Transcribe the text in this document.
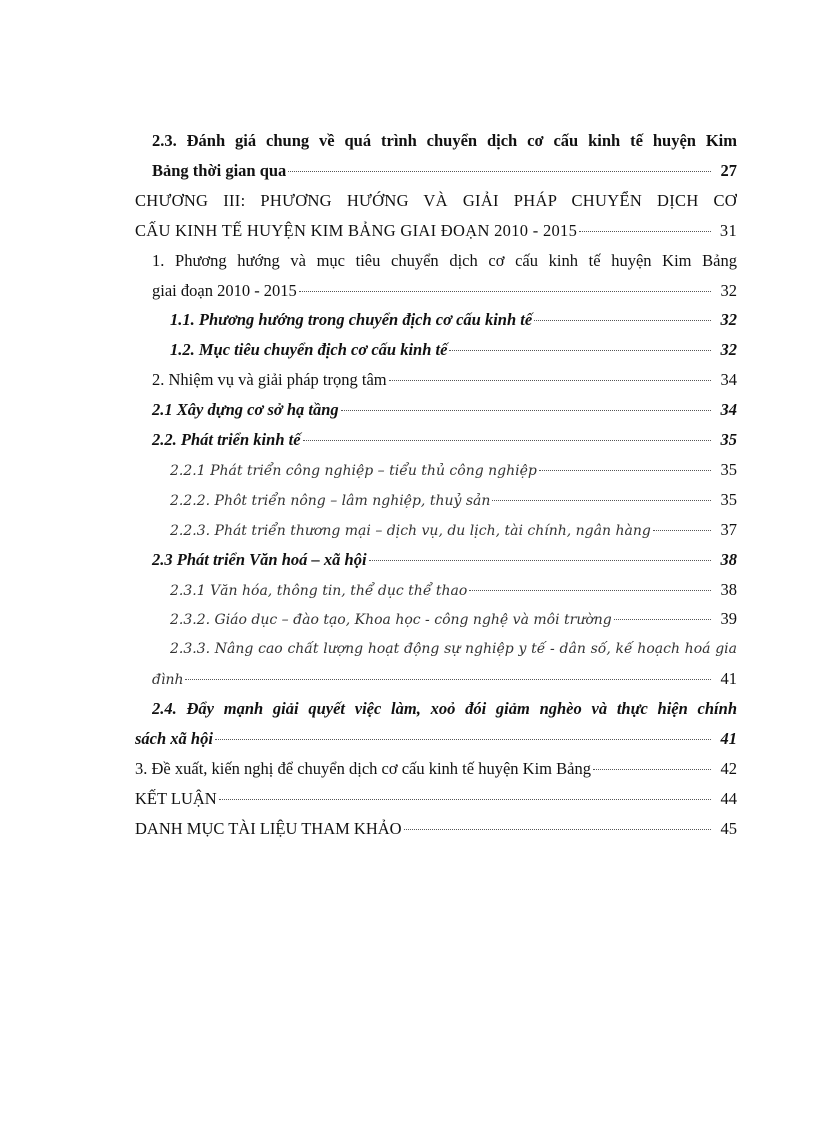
2.3. Đánh giá chung về quá trình chuyển dịch cơ cấu kinh tế huyện Kim
Bảng thời gian qua	27
CHƯƠNG III: PHƯƠNG HƯỚNG VÀ GIẢI PHÁP CHUYỂN DỊCH CƠ
CẤU KINH TẾ HUYỆN KIM BẢNG GIAI ĐOẠN 2010 - 2015	31
1. Phương hướng và mục tiêu chuyển dịch cơ cấu kinh tế huyện Kim Bảng
giai đoạn 2010 - 2015	32
1.1. Phương hướng trong chuyển địch cơ cấu kinh tế	32
1.2. Mục tiêu chuyển địch cơ cấu kinh tế	32
2. Nhiệm vụ và giải pháp trọng tâm	34
2.1 Xây dựng cơ sở hạ tầng	34
2.2. Phát triển kinh tế	35
2.2.1 Phát triển công nghiệp – tiểu thủ công nghiệp	35
2.2.2. Phôt triển nông – lâm nghiệp, thuỷ sản	35
2.2.3. Phát triển thương mại – dịch vụ, du lịch, tài chính, ngân hàng	37
2.3 Phát triển Văn hoá – xã hội	38
2.3.1 Văn hóa, thông tin, thể dục thể thao	38
2.3.2. Giáo dục – đào tạo, Khoa học - công nghệ và môi trường	39
2.3.3. Nâng cao chất lượng hoạt động sự nghiệp y tế - dân số, kế hoạch hoá gia
đình	41
2.4. Đẩy mạnh giải quyết việc làm, xoỏ đói giảm nghèo và thực hiện chính
sách xã hội	41
3. Đề xuất, kiến nghị để chuyển dịch cơ cấu kinh tế huyện Kim Bảng	42
KẾT LUẬN	44
DANH MỤC TÀI LIỆU THAM KHẢO	45
